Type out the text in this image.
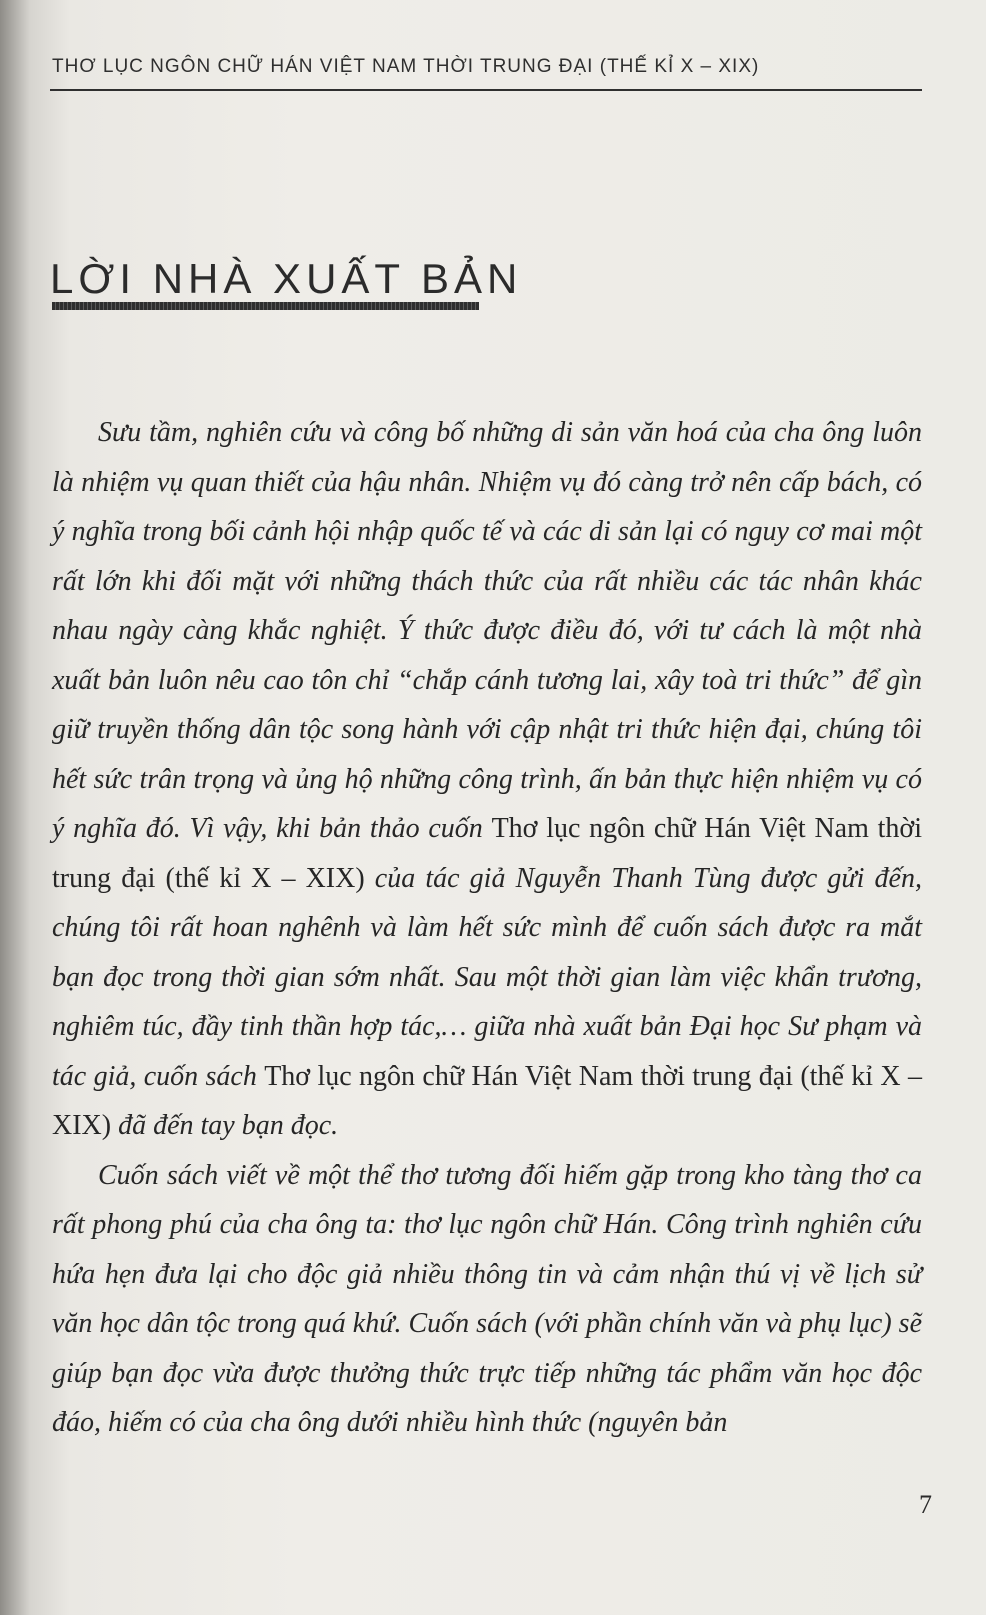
THƠ LỤC NGÔN CHỮ HÁN VIỆT NAM THỜI TRUNG ĐẠI (THẾ KỈ X – XIX)
LỜI NHÀ XUẤT BẢN

Sưu tầm, nghiên cứu và công bố những di sản văn hoá của cha ông luôn là nhiệm vụ quan thiết của hậu nhân. Nhiệm vụ đó càng trở nên cấp bách, có ý nghĩa trong bối cảnh hội nhập quốc tế và các di sản lại có nguy cơ mai một rất lớn khi đối mặt với những thách thức của rất nhiều các tác nhân khác nhau ngày càng khắc nghiệt. Ý thức được điều đó, với tư cách là một nhà xuất bản luôn nêu cao tôn chỉ “chắp cánh tương lai, xây toà tri thức” để gìn giữ truyền thống dân tộc song hành với cập nhật tri thức hiện đại, chúng tôi hết sức trân trọng và ủng hộ những công trình, ấn bản thực hiện nhiệm vụ có ý nghĩa đó. Vì vậy, khi bản thảo cuốn Thơ lục ngôn chữ Hán Việt Nam thời trung đại (thế kỉ X – XIX) của tác giả Nguyễn Thanh Tùng được gửi đến, chúng tôi rất hoan nghênh và làm hết sức mình để cuốn sách được ra mắt bạn đọc trong thời gian sớm nhất. Sau một thời gian làm việc khẩn trương, nghiêm túc, đầy tinh thần hợp tác,… giữa nhà xuất bản Đại học Sư phạm và tác giả, cuốn sách Thơ lục ngôn chữ Hán Việt Nam thời trung đại (thế kỉ X – XIX) đã đến tay bạn đọc.

Cuốn sách viết về một thể thơ tương đối hiếm gặp trong kho tàng thơ ca rất phong phú của cha ông ta: thơ lục ngôn chữ Hán. Công trình nghiên cứu hứa hẹn đưa lại cho độc giả nhiều thông tin và cảm nhận thú vị về lịch sử văn học dân tộc trong quá khứ. Cuốn sách (với phần chính văn và phụ lục) sẽ giúp bạn đọc vừa được thưởng thức trực tiếp những tác phẩm văn học độc đáo, hiếm có của cha ông dưới nhiều hình thức (nguyên bản

7
